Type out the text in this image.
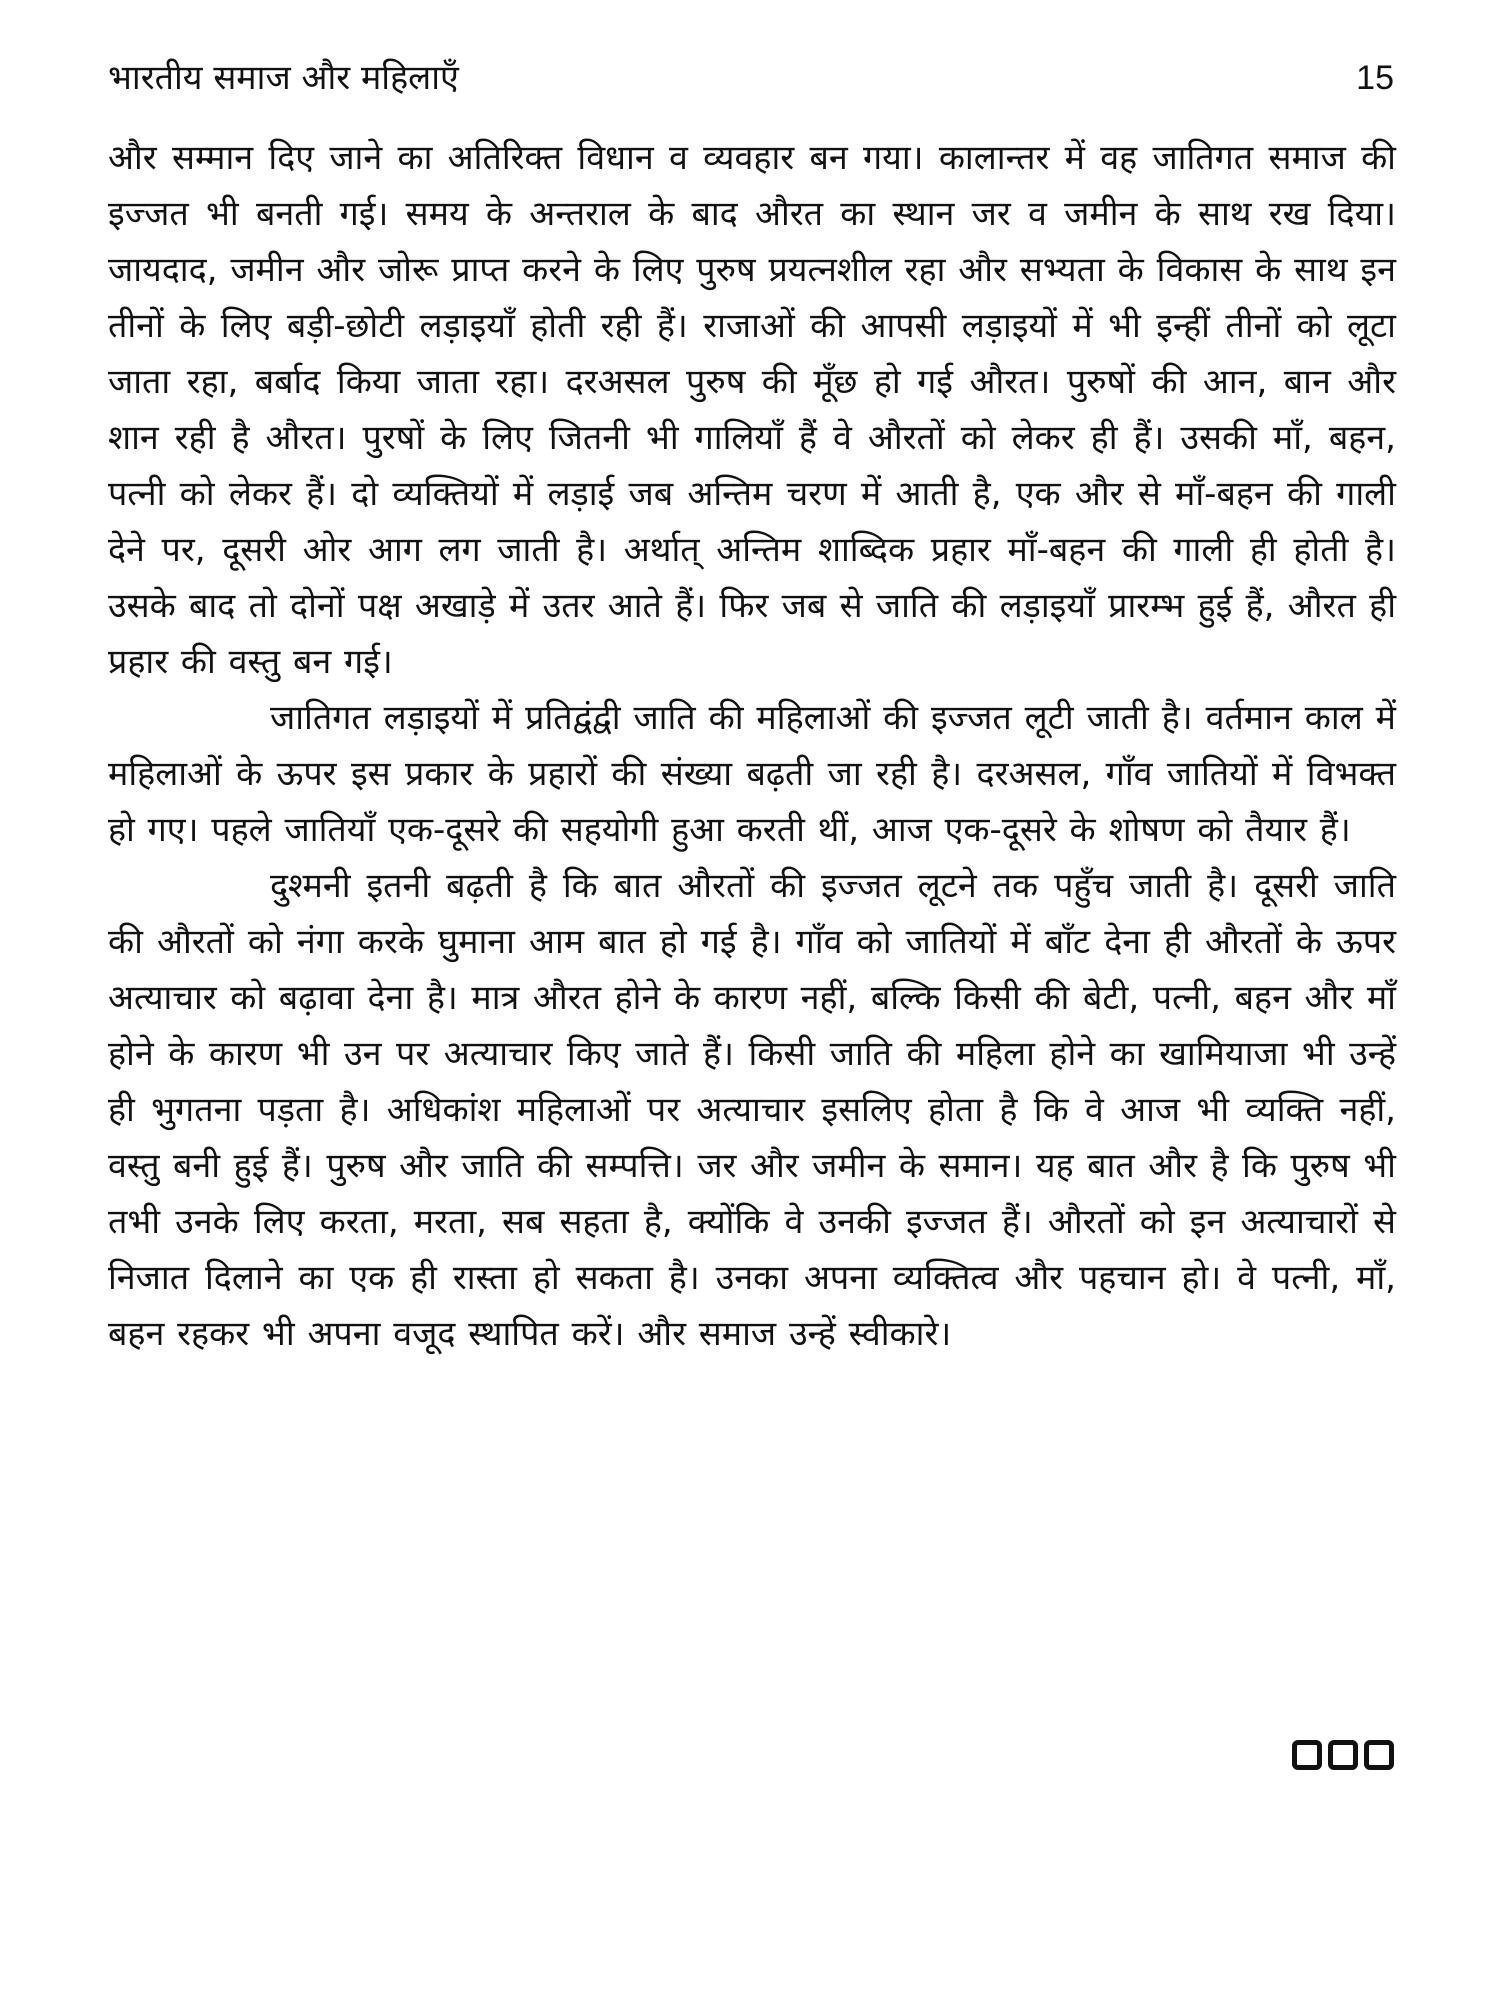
भारतीय समाज और महिलाएँ	15

और सम्मान दिए जाने का अतिरिक्त विधान व व्यवहार बन गया। कालान्तर में वह जातिगत समाज की इज्जत भी बनती गई। समय के अन्तराल के बाद औरत का स्थान जर व जमीन के साथ रख दिया। जायदाद, जमीन और जोरू प्राप्त करने के लिए पुरुष प्रयत्नशील रहा और सभ्यता के विकास के साथ इन तीनों के लिए बड़ी-छोटी लड़ाइयाँ होती रही हैं। राजाओं की आपसी लड़ाइयों में भी इन्हीं तीनों को लूटा जाता रहा, बर्बाद किया जाता रहा। दरअसल पुरुष की मूँछ हो गई औरत। पुरुषों की आन, बान और शान रही है औरत। पुरषों के लिए जितनी भी गालियाँ हैं वे औरतों को लेकर ही हैं। उसकी माँ, बहन, पत्नी को लेकर हैं। दो व्यक्तियों में लड़ाई जब अन्तिम चरण में आती है, एक और से माँ-बहन की गाली देने पर, दूसरी ओर आग लग जाती है। अर्थात् अन्तिम शाब्दिक प्रहार माँ-बहन की गाली ही होती है। उसके बाद तो दोनों पक्ष अखाड़े में उतर आते हैं। फिर जब से जाति की लड़ाइयाँ प्रारम्भ हुई हैं, औरत ही प्रहार की वस्तु बन गई।

जातिगत लड़ाइयों में प्रतिद्वंद्वी जाति की महिलाओं की इज्जत लूटी जाती है। वर्तमान काल में महिलाओं के ऊपर इस प्रकार के प्रहारों की संख्या बढ़ती जा रही है। दरअसल, गाँव जातियों में विभक्त हो गए। पहले जातियाँ एक-दूसरे की सहयोगी हुआ करती थीं, आज एक-दूसरे के शोषण को तैयार हैं।

दुश्मनी इतनी बढ़ती है कि बात औरतों की इज्जत लूटने तक पहुँच जाती है। दूसरी जाति की औरतों को नंगा करके घुमाना आम बात हो गई है। गाँव को जातियों में बाँट देना ही औरतों के ऊपर अत्याचार को बढ़ावा देना है। मात्र औरत होने के कारण नहीं, बल्कि किसी की बेटी, पत्नी, बहन और माँ होने के कारण भी उन पर अत्याचार किए जाते हैं। किसी जाति की महिला होने का खामियाजा भी उन्हें ही भुगतना पड़ता है। अधिकांश महिलाओं पर अत्याचार इसलिए होता है कि वे आज भी व्यक्ति नहीं, वस्तु बनी हुई हैं। पुरुष और जाति की सम्पत्ति। जर और जमीन के समान। यह बात और है कि पुरुष भी तभी उनके लिए करता, मरता, सब सहता है, क्योंकि वे उनकी इज्जत हैं। औरतों को इन अत्याचारों से निजात दिलाने का एक ही रास्ता हो सकता है। उनका अपना व्यक्तित्व और पहचान हो। वे पत्नी, माँ, बहन रहकर भी अपना वजूद स्थापित करें। और समाज उन्हें स्वीकारे।
